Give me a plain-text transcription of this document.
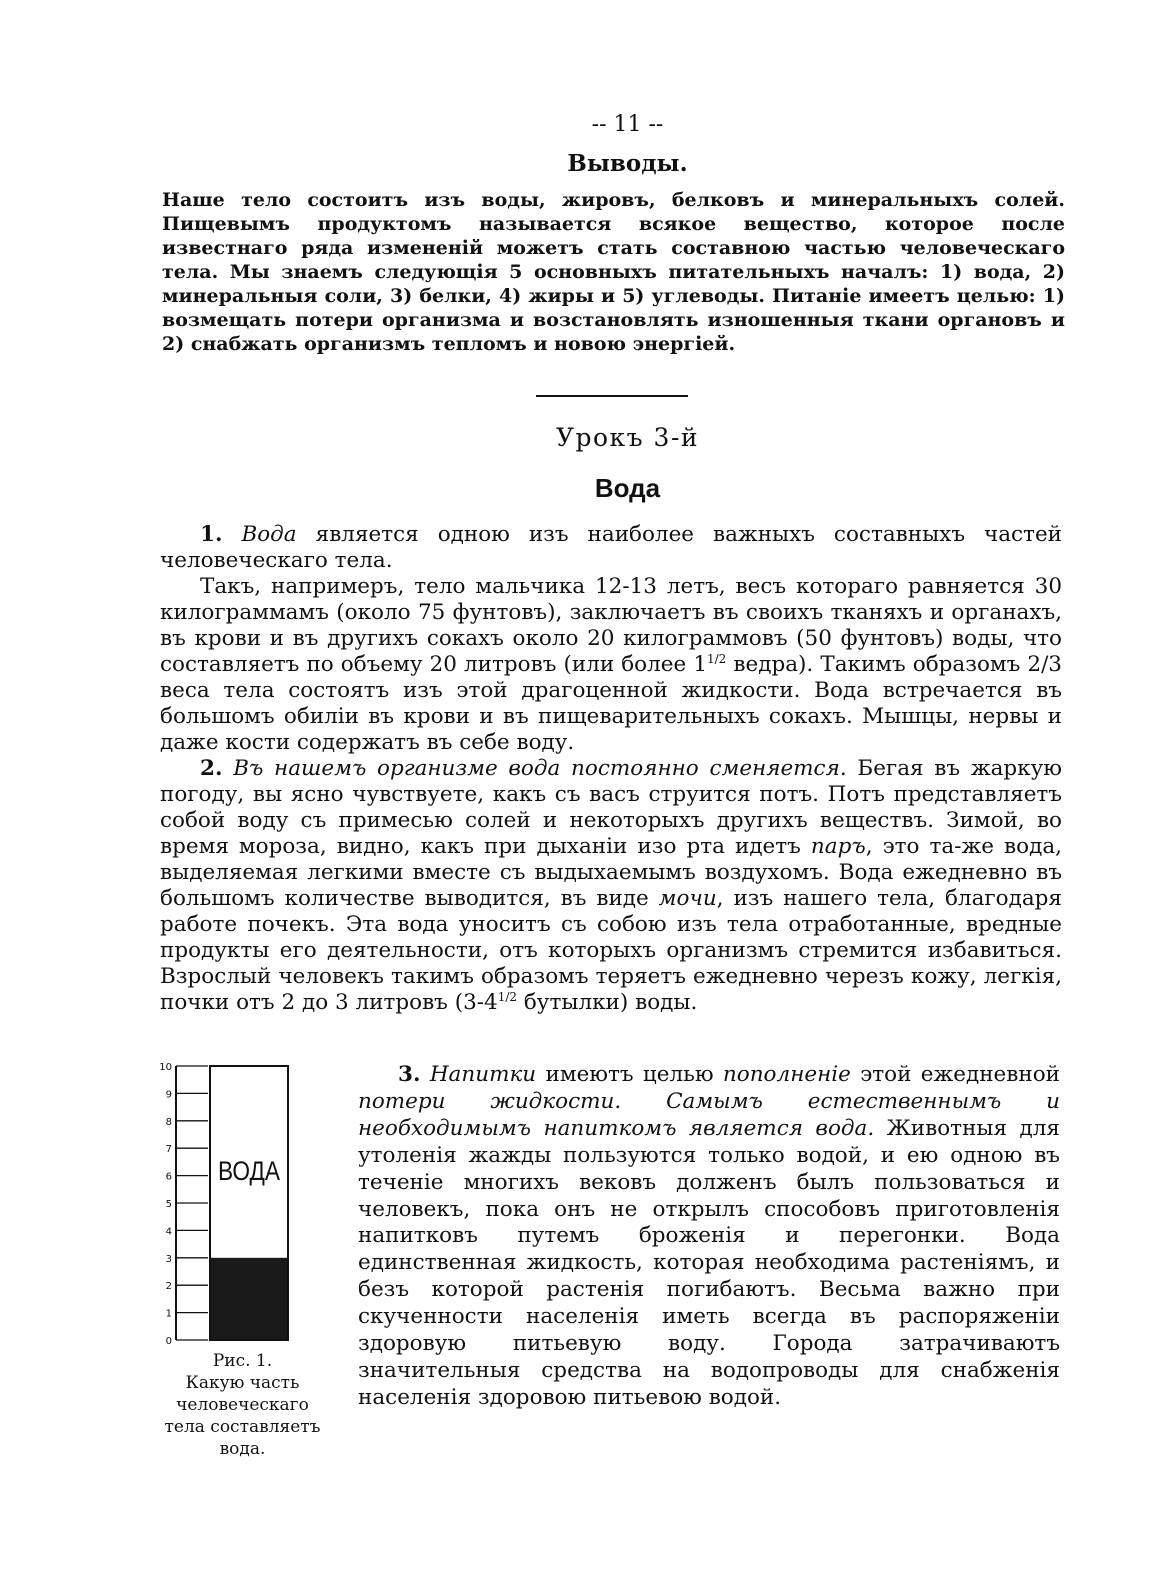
-- 11 --
Выводы.

Наше тело состоитъ изъ воды, жировъ, белковъ и минеральныхъ солей. Пищевымъ продуктомъ называется всякое вещество, которое после известнаго ряда измененій можетъ стать составною частью человеческаго тела. Мы знаемъ следующія 5 основныхъ питательныхъ началъ: 1) вода, 2) минеральныя соли, 3) белки, 4) жиры и 5) углеводы. Питаніе имеетъ целью: 1) возмещать потери организма и возстановлять изношенныя ткани органовъ и 2) снабжать организмъ тепломъ и новою энергіей.

Урокъ 3-й
Вода

1. Вода является одною изъ наиболее важныхъ составныхъ частей человеческаго тела.

Такъ, напримеръ, тело мальчика 12-13 летъ, весъ котораго равняется 30 килограммамъ (около 75 фунтовъ), заключаетъ въ своихъ тканяхъ и органахъ, въ крови и въ другихъ сокахъ около 20 килограммовъ (50 фунтовъ) воды, что составляетъ по объему 20 литровъ (или более $1^{1/2}$ ведра). Такимъ образомъ 2/3 веса тела состоятъ изъ этой драгоценной жидкости. Вода встречается въ большомъ обиліи въ крови и въ пищеварительныхъ сокахъ. Мышцы, нервы и даже кости содержатъ въ себе воду.

2. Въ нашемъ организме вода постоянно сменяется. Бегая въ жаркую погоду, вы ясно чувствуете, какъ съ васъ струится потъ. Потъ представляетъ собой воду съ примесью солей и некоторыхъ другихъ веществъ. Зимой, во время мороза, видно, какъ при дыханіи изо рта идетъ паръ, это та-же вода, выделяемая легкими вместе съ выдыхаемымъ воздухомъ. Вода ежедневно въ большомъ количестве выводится, въ виде мочи, изъ нашего тела, благодаря работе почекъ. Эта вода уноситъ съ собою изъ тела отработанные, вредные продукты его деятельности, отъ которыхъ организмъ стремится избавиться. Взрослый человекъ такимъ образомъ теряетъ ежедневно черезъ кожу, легкія, почки отъ 2 до 3 литровъ ($3-4^{1/2}$ бутылки) воды.

10
9
8
7
6
5
4
3
2
1
0
ВОДА
Рис. 1.
Какую часть
человеческаго
тела составляетъ
вода.

3. Напитки имеютъ целью пополненіе этой ежедневной потери жидкости. Самымъ естественнымъ и необходимымъ напиткомъ является вода. Животныя для утоленія жажды пользуются только водой, и ею одною въ теченіе многихъ вековъ долженъ былъ пользоваться и человекъ, пока онъ не открылъ способовъ приготовленія напитковъ путемъ броженія и перегонки. Вода единственная жидкость, которая необходима растеніямъ, и безъ которой растенія погибаютъ. Весьма важно при скученности населенія иметь всегда въ распоряженіи здоровую питьевую воду. Города затрачиваютъ значительныя средства на водопроводы для снабженія населенія здоровою питьевою водой.
